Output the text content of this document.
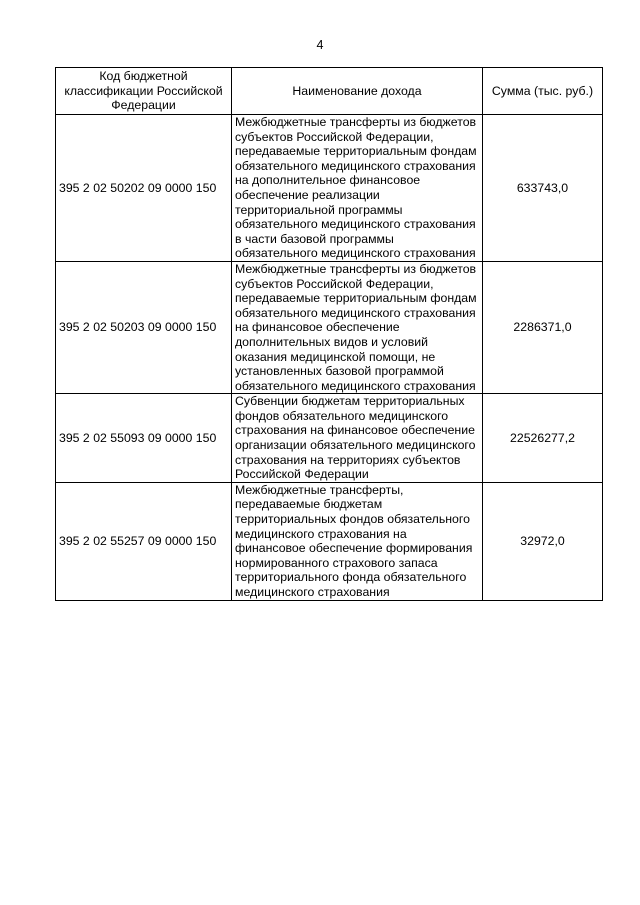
4
Код бюджетной классификации Российской Федерации	Наименование дохода	Сумма (тыс. руб.)
395 2 02 50202 09 0000 150	Межбюджетные трансферты из бюджетов субъектов Российской Федерации, передаваемые территориальным фондам обязательного медицинского страхования на дополнительное финансовое обеспечение реализации территориальной программы обязательного медицинского страхования в части базовой программы обязательного медицинского страхования	633743,0
395 2 02 50203 09 0000 150	Межбюджетные трансферты из бюджетов субъектов Российской Федерации, передаваемые территориальным фондам обязательного медицинского страхования на финансовое обеспечение дополнительных видов и условий оказания медицинской помощи, не установленных базовой программой обязательного медицинского страхования	2286371,0
395 2 02 55093 09 0000 150	Субвенции бюджетам территориальных фондов обязательного медицинского страхования на финансовое обеспечение организации обязательного медицинского страхования на территориях субъектов Российской Федерации	22526277,2
395 2 02 55257 09 0000 150	Межбюджетные трансферты, передаваемые бюджетам территориальных фондов обязательного медицинского страхования на финансовое обеспечение формирования нормированного страхового запаса территориального фонда обязательного медицинского страхования	32972,0
